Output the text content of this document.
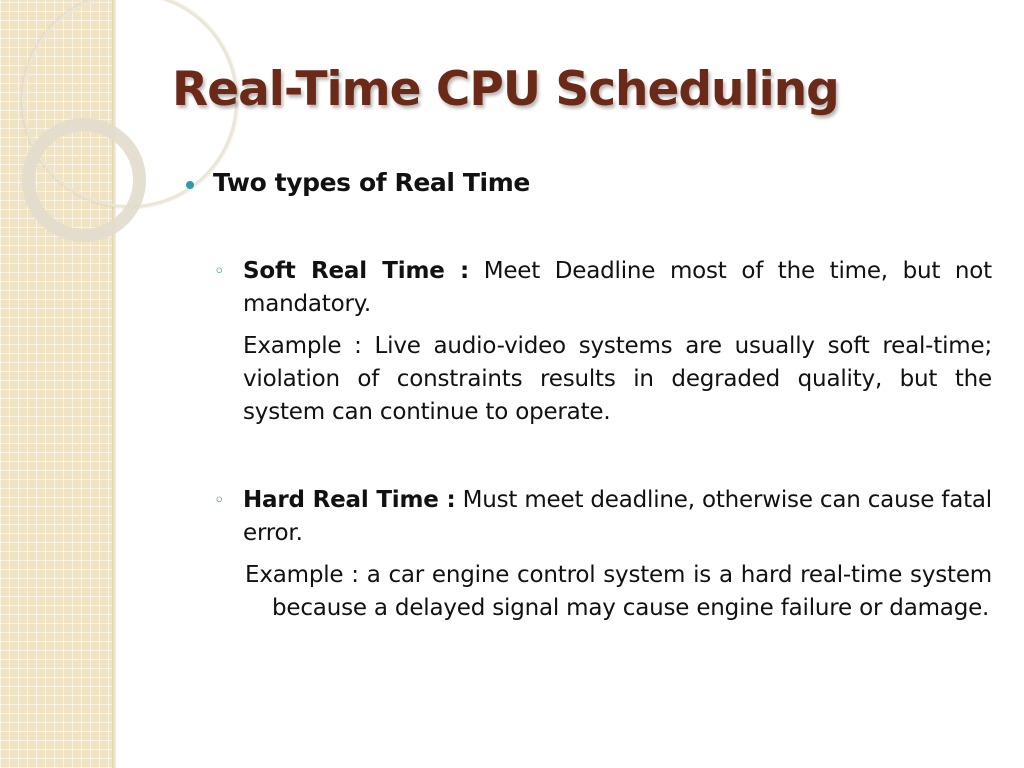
Real-Time CPU Scheduling
Two types of Real Time
◦ Soft Real Time : Meet Deadline most of the time, but not mandatory.

Example : Live audio-video systems are usually soft real-time; violation of constraints results in degraded quality, but the system can continue to operate.

◦ Hard Real Time : Must meet deadline, otherwise can cause fatal error.

Example : a car engine control system is a hard real-time system because a delayed signal may cause engine failure or damage.
